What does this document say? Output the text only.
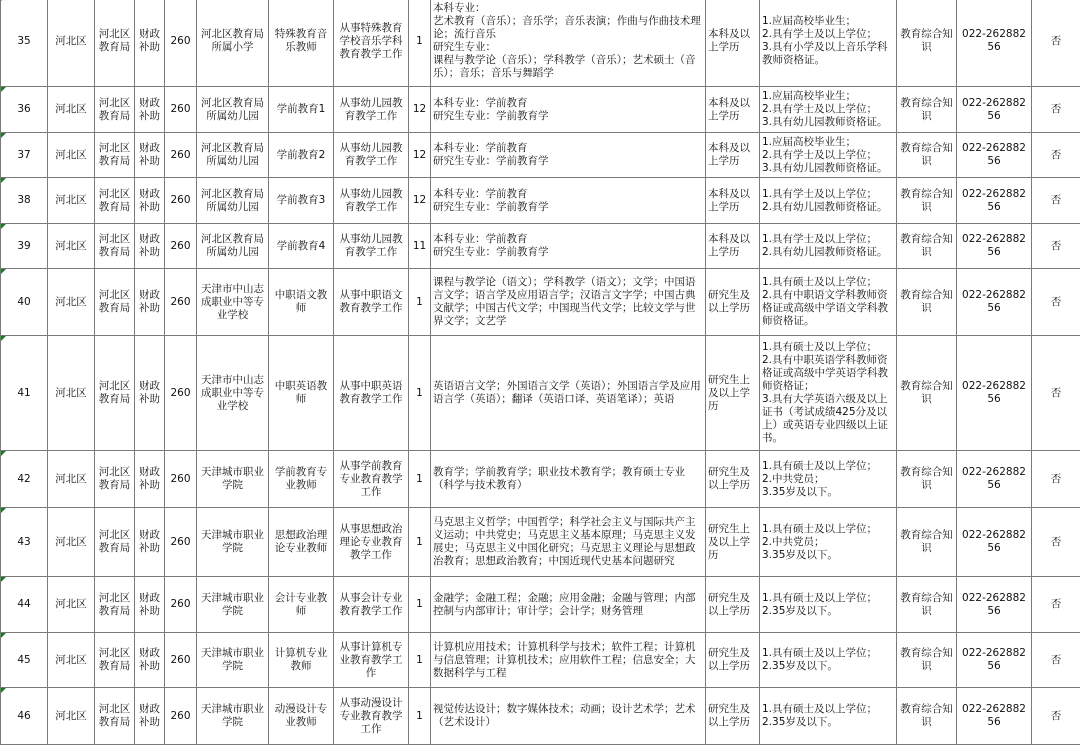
35	河北区	河北区教育局	财政补助	260	河北区教育局所属小学	特殊教育音乐教师	从事特殊教育学校音乐学科教育教学工作	1	本科专业：
艺术教育（音乐）；音乐学；音乐表演；作曲与作曲技术理论；流行音乐
研究生专业：
课程与教学论（音乐）；学科教学（音乐）；艺术硕士（音乐）；音乐；音乐与舞蹈学	本科及以上学历	1.应届高校毕业生；
2.具有学士及以上学位；
3.具有小学及以上音乐学科教师资格证。	教育综合知识	022-26288256	否
36	河北区	河北区教育局	财政补助	260	河北区教育局所属幼儿园	学前教育1	从事幼儿园教育教学工作	12	本科专业：学前教育
研究生专业：学前教育学	本科及以上学历	1.应届高校毕业生；
2.具有学士及以上学位；
3.具有幼儿园教师资格证。	教育综合知识	022-26288256	否
37	河北区	河北区教育局	财政补助	260	河北区教育局所属幼儿园	学前教育2	从事幼儿园教育教学工作	12	本科专业：学前教育
研究生专业：学前教育学	本科及以上学历	1.应届高校毕业生；
2.具有学士及以上学位；
3.具有幼儿园教师资格证。	教育综合知识	022-26288256	否
38	河北区	河北区教育局	财政补助	260	河北区教育局所属幼儿园	学前教育3	从事幼儿园教育教学工作	12	本科专业：学前教育
研究生专业：学前教育学	本科及以上学历	1.具有学士及以上学位；
2.具有幼儿园教师资格证。	教育综合知识	022-26288256	否
39	河北区	河北区教育局	财政补助	260	河北区教育局所属幼儿园	学前教育4	从事幼儿园教育教学工作	11	本科专业：学前教育
研究生专业：学前教育学	本科及以上学历	1.具有学士及以上学位；
2.具有幼儿园教师资格证。	教育综合知识	022-26288256	否
40	河北区	河北区教育局	财政补助	260	天津市中山志成职业中等专业学校	中职语文教师	从事中职语文教育教学工作	1	课程与教学论（语文）；学科教学（语文）；文学；中国语言文学；语言学及应用语言学；汉语言文字学；中国古典文献学；中国古代文学；中国现当代文学；比较文学与世界文学；文艺学	研究生及以上学历	1.具有硕士及以上学位；
2.具有中职语文学科教师资格证或高级中学语文学科教师资格证。	教育综合知识	022-26288256	否
41	河北区	河北区教育局	财政补助	260	天津市中山志成职业中等专业学校	中职英语教师	从事中职英语教育教学工作	1	英语语言文学；外国语言文学（英语）；外国语言学及应用语言学（英语）；翻译（英语口译、英语笔译）；英语	研究生上及以上学历	1.具有硕士及以上学位；
2.具有中职英语学科教师资格证或高级中学英语学科教师资格证；
3.具有大学英语六级及以上证书（考试成绩425分及以上）或英语专业四级以上证书。	教育综合知识	022-26288256	否
42	河北区	河北区教育局	财政补助	260	天津城市职业学院	学前教育专业教师	从事学前教育专业教育教学工作	1	教育学；学前教育学；职业技术教育学；教育硕士专业（科学与技术教育）	研究生及以上学历	1.具有硕士及以上学位；
2.中共党员；
3.35岁及以下。	教育综合知识	022-26288256	否
43	河北区	河北区教育局	财政补助	260	天津城市职业学院	思想政治理论专业教师	从事思想政治理论专业教育教学工作	1	马克思主义哲学；中国哲学；科学社会主义与国际共产主义运动；中共党史；马克思主义基本原理；马克思主义发展史；马克思主义中国化研究；马克思主义理论与思想政治教育；思想政治教育；中国近现代史基本问题研究	研究生上及以上学历	1.具有硕士及以上学位；
2.中共党员；
3.35岁及以下。	教育综合知识	022-26288256	否
44	河北区	河北区教育局	财政补助	260	天津城市职业学院	会计专业教师	从事会计专业教育教学工作	1	金融学；金融工程；金融；应用金融；金融与管理；内部控制与内部审计；审计学；会计学；财务管理	研究生及以上学历	1.具有硕士及以上学位；
2.35岁及以下。	教育综合知识	022-26288256	否
45	河北区	河北区教育局	财政补助	260	天津城市职业学院	计算机专业教师	从事计算机专业教育教学工作	1	计算机应用技术；计算机科学与技术；软件工程；计算机与信息管理；计算机技术；应用软件工程；信息安全；大数据科学与工程	研究生及以上学历	1.具有硕士及以上学位；
2.35岁及以下。	教育综合知识	022-26288256	否
46	河北区	河北区教育局	财政补助	260	天津城市职业学院	动漫设计专业教师	从事动漫设计专业教育教学工作	1	视觉传达设计；数字媒体技术；动画；设计艺术学；艺术（艺术设计）	研究生及以上学历	1.具有硕士及以上学位；
2.35岁及以下。	教育综合知识	022-26288256	否
